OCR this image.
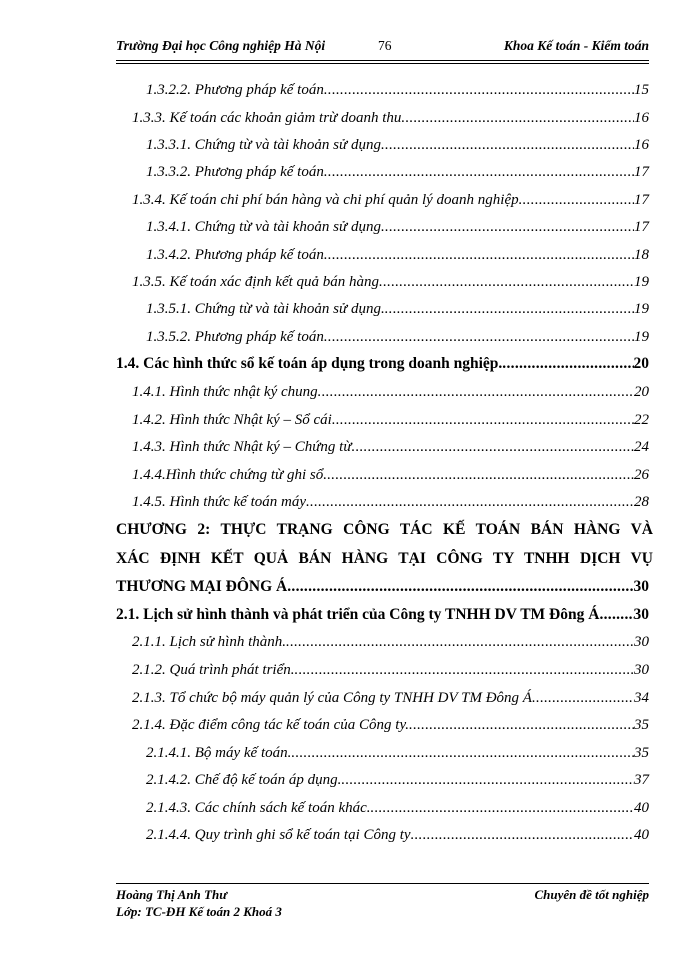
Trường Đại học Công nghiệp Hà Nội	76	Khoa Kế toán - Kiểm toán
1.3.2.2. Phương pháp kế toán .....	15
1.3.3. Kế toán các khoản giảm trừ doanh thu .....	16
1.3.3.1. Chứng từ và tài khoản sử dụng .....	16
1.3.3.2. Phương pháp kế toán .....	17
1.3.4. Kế toán chi phí bán hàng và chi phí quản lý doanh nghiệp .....	17
1.3.4.1. Chứng từ và tài khoản sử dụng .....	17
1.3.4.2. Phương pháp kế toán .....	18
1.3.5. Kế toán xác định kết quả bán hàng .....	19
1.3.5.1. Chứng từ và tài khoản sử dụng. .....	19
1.3.5.2. Phương pháp kế toán .....	19
1.4. Các hình thức sổ kế toán áp dụng trong doanh nghiệp. .....	20
1.4.1. Hình thức nhật ký chung .....	20
1.4.2. Hình thức Nhật ký – Sổ cái .....	22
1.4.3. Hình thức Nhật ký – Chứng từ .....	24
1.4.4.Hình thức chứng từ ghi sổ .....	26
1.4.5. Hình thức kế toán máy .....	28
CHƯƠNG 2: THỰC TRẠNG CÔNG TÁC KẾ TOÁN BÁN HÀNG VÀ
XÁC ĐỊNH KẾT QUẢ BÁN HÀNG TẠI CÔNG TY TNHH DỊCH VỤ
THƯƠNG MẠI ĐÔNG Á .....	30
2.1. Lịch sử hình thành và phát triển của Công ty TNHH DV TM Đông Á ..... 30
2.1.1. Lịch sử hình thành. .....	30
2.1.2. Quá trình phát triển. .....	30
2.1.3. Tổ chức bộ máy quản lý của Công ty TNHH DV TM Đông Á .....	34
2.1.4. Đặc điểm công tác kế toán của Công ty. .....	35
2.1.4.1. Bộ máy kế toán. .....	35
2.1.4.2. Chế độ kế toán áp dụng. .....	37
2.1.4.3. Các chính sách kế toán khác. .....	40
2.1.4.4. Quy trình ghi sổ kế toán tại Công ty .....	40
Hoàng Thị Anh Thư
Lớp: TC-ĐH Kế toán 2 Khoá 3
Chuyên đề tốt nghiệp
